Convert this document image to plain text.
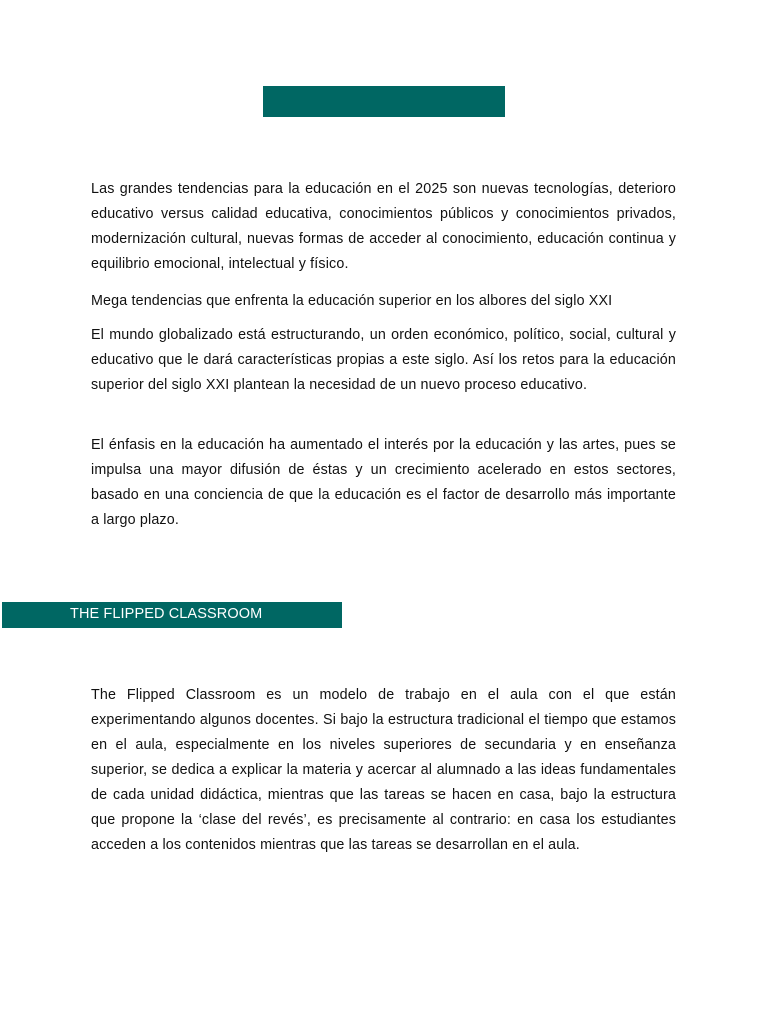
Las grandes tendencias para la educación en el 2025 son nuevas tecnologías, deterioro educativo versus calidad educativa, conocimientos públicos y conocimientos privados, modernización cultural, nuevas formas de acceder al conocimiento, educación continua y equilibrio emocional, intelectual y físico.

Mega tendencias que enfrenta la educación superior en los albores del siglo XXI

El mundo globalizado está estructurando, un orden económico, político, social, cultural y educativo que le dará características propias a este siglo. Así los retos para la educación superior del siglo XXI plantean la necesidad de un nuevo proceso educativo.

El énfasis en la educación ha aumentado el interés por la educación y las artes, pues se impulsa una mayor difusión de éstas y un crecimiento acelerado en estos sectores, basado en una conciencia de que la educación es el factor de desarrollo más importante a largo plazo.

THE FLIPPED CLASSROOM

The Flipped Classroom es un modelo de trabajo en el aula con el que están experimentando algunos docentes. Si bajo la estructura tradicional el tiempo que estamos en el aula, especialmente en los niveles superiores de secundaria y en enseñanza superior, se dedica a explicar la materia y acercar al alumnado a las ideas fundamentales de cada unidad didáctica, mientras que las tareas se hacen en casa, bajo la estructura que propone la ‘clase del revés’, es precisamente al contrario: en casa los estudiantes acceden a los contenidos mientras que las tareas se desarrollan en el aula.
